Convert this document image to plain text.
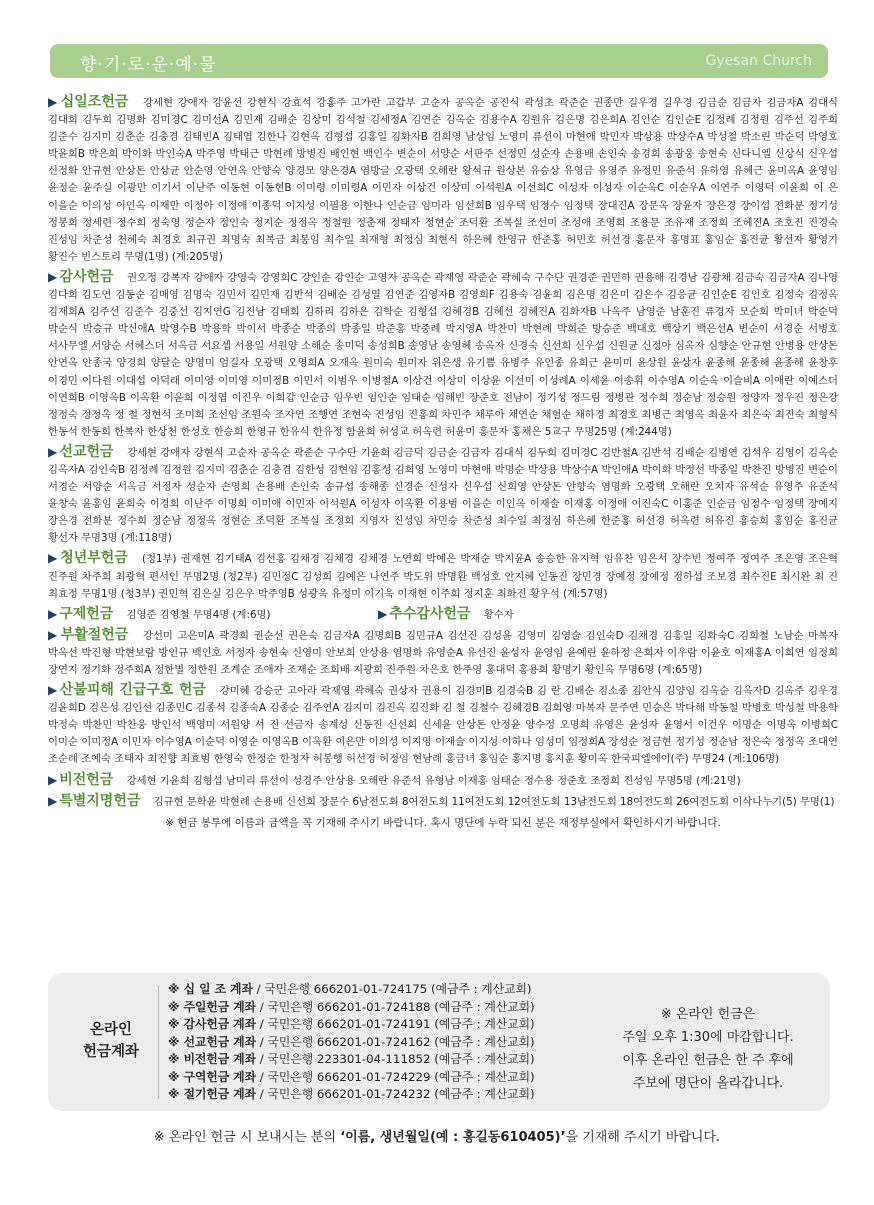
향·기·로·운·예·물	Gyesan Church
▶ 십일조헌금 강세현 강애자 강윤선 강현식 강효석 강홍주 고가란 고갑부 고순자 공옥순 공진식 곽성초 곽준순 권종만 길우경 길우경 김금순 김금자 김금자A 김대식 김대희 김두희 김명화 김미경C 김미선A 김민재 김배순 김상미 김석철 김세정A 김연순 김옥순 김용수A 김원유 김은명 김은희A 김인순 김인순E 김정례 김정원 김주선 김주희 김준수 김지미 김춘순 김충겸 김태빈A 김태엽 김한나 김현옥 김형섭 김홍일 김화자B 김희영 남상임 노영미 류선이 마현애 박민자 박상용 박상수A 박성철 박소린 박순덕 박영호 박윤희B 박은희 박이화 박인숙A 박주영 박태근 박현례 방병진 배인현 백인수 변순이 서양순 서판주 선정민 성순자 손용배 손인숙 송경희 송광웅 송현숙 신다니엘 신상식 신우섭 신정화 안규현 안상돈 안상균 안순영 안연옥 안향숙 양경모 양은경A 염방글 오광택 오해란 왕석규 원상본 유승상 유영금 유영주 유정민 유준석 유하영 유혜근 윤미옥A 윤영임 윤정순 윤주실 이광만 이기서 이난주 이동현 이동현B 이미령 이미령A 이민자 이상건 이상미 이석원A 이선희C 이성자 이성자 이순옥C 이순우A 이연주 이영덕 이윤희 이 은 이을순 이의성 이인옥 이재만 이정아 이정애 이종덕 이지성 이필용 이한나 인순금 임미라 임선희B 임우택 임정수 임정택 장대진A 장문옥 장윤자 장은경 장이섭 전화분 정기성 정봉희 정세련 정수희 정숙영 정순자 정인숙 정지순 정정옥 정철원 정춘재 정태자 정현순 조덕환 조복실 조선미 조성애 조영희 조용문 조유재 조정희 조혜진A 조호진 진경숙 진성임 차준성 천혜숙 최경호 최규권 최명숙 최복금 최봉임 최수일 최재형 최정심 최현식 하은혜 한영규 한준홍 허민호 허선경 홍문자 홍명표 홍임순 홍진균 황선자 황영기 황진수 빈스토리 무명(1명) (계:205명)
▶ 감사헌금 권오정 강복자 강애자 강영숙 강영희C 강인순 강인순 고영자 공옥순 곽재영 곽준순 곽혜숙 구수단 권경준 권민하 권용해 김경남 김광채 김금숙 김금자A 김나영 김다희 김도연 김동순 김매영 김명숙 김민서 김민재 김반석 김배순 김성열 김연준 김영자B 김영희F 김용숙 김윤희 김은명 김은미 김은수 김응균 김인순E 김인호 김정숙 김정옥 김재희A 김주선 김준수 김중선 김지연G 김진남 김태희 김하리 김하은 김학순 김형섭 김혜경B 김혜선 김혜진A 김화자B 나옥주 남영준 남훈진 류경자 모순희 박미녀 박순덕 박순식 박승규 박신애A 박영수B 박용학 박이서 박종순 박종의 박종일 박준홍 박중례 박지영A 박찬미 박현례 박희준 방승준 백대호 백상기 백은선A 변순이 서경순 서병호 서사무엘 서양순 서혜스더 서옥금 서요셉 서용일 서원양 소해순 송미덕 송성희B 송영남 송영혜 송옥자 신경숙 신선희 신우섭 신원균 신정아 심옥자 심향순 안규현 안병용 안상돈 안연옥 안종국 양경희 양달순 양영미 엄길자 오광택 오영희A 오재옥 원미숙 원미자 위은생 유기쁨 유병주 유인종 유희근 윤미미 윤상원 윤상자 윤종해 윤종해 윤종해 윤창후 이경민 이다원 이대섭 이덕래 이미영 이미영 이미정B 이민서 이범우 이병철A 이상건 이상미 이상윤 이선미 이성례A 이세윤 이송휘 이수영A 이순옥 이슬비A 이애란 이예스더 이연희B 이영옥B 이옥환 이윤희 이정엽 이진우 이희갑 인순금 임우빈 임인순 임태순 임해빈 장준호 전남이 정기성 정드림 정병관 정수희 정순남 정승원 정양자 정우진 정은강 정정숙 정정옥 정 철 정현석 조미희 조선임 조원숙 조자연 조행연 조현숙 진성임 진홍희 차민주 채루아 채연순 채혈순 채하경 최경호 최병근 최영옥 최윤자 최은숙 최진숙 최형식 한동석 한동희 한복자 한상천 한성호 한승희 한영규 한유식 한유정 함윤희 허성교 허옥련 허윤미 홍문자 홍채은 5교구 무명25명 (계:244명)
▶ 선교헌금 강세현 강애자 강현식 고순자 공옥순 곽준순 구수단 기윤희 김금덕 김금순 김금자 김대식 김두희 김미경C 김반철A 김반석 김배순 김병연 김석우 김영이 김옥순 김옥자A 김인숙B 김정례 김정원 김지미 김춘순 김충겸 김한성 김현임 김홍성 김희영 노영미 마현애 박명순 박상용 박상수A 박인애A 박이화 박정선 박종일 박찬진 방병진 변순이 서경순 서양순 서옥금 서정자 성순자 손영희 손용배 손인숙 송규섭 송해종 신경순 신성자 신우섭 신희영 안상돈 안향숙 염명화 오광택 오해란 오치자 유석순 유영주 유준석 윤창숙 윤홍임 윤희숙 이경희 이난주 이명희 이미애 이민자 이석원A 이성자 이옥환 이용범 이을순 이인옥 이재술 이재홍 이정애 이진숙C 이홍준 인순금 임정수 임정택 장예지 장은경 전화분 정수희 정순남 정정옥 정현순 조덕환 조복실 조정희 지영자 진성임 차민승 차준성 최수일 최정심 하은혜 한준홍 허선경 허옥련 허유진 홍승희 홍임순 홍진균 황선자 무명3명 (계:118명)
▶ 청년부헌금 (청1부) 권재현 김기태A 김선홍 김채경 김채경 김채경 노연희 박예은 박재순 박지윤A 송승한 유지혁 임유찬 임은서 장수빈 정여주 정여주 조은영 조은혁 진주원 차주희 최광혁 편서인 무명2명 (청2부) 김민정C 김성희 김예은 나연주 박도위 박명환 백성호 안지혜 인동진 장민경 장예정 장예정 정하섭 조보경 최수진E 최시완 최 진 최효정 무명1명 (청3부) 권민혁 김은실 김은우 박주영B 성광욱 유정미 이기욱 이재현 이주희 정지훈 최화진 황우석 (계:57명)
▶ 구제헌금 김영준 김영철 무명4명 (계:6명)	▶ 추수감사헌금 황수자
▶ 부활절헌금 강선미 고은미A 곽경희 권순선 권은숙 김금자A 김명희B 김민규A 김선진 김성윤 김영미 김영술 김인숙D 김채경 김홍일 김화숙C 김희철 노남순 마복자 박옥선 박진형 박현보람 방인규 백인호 서정자 송현숙 신영미 안보희 안상용 염명화 유영순A 유선진 윤성자 윤영임 윤예린 윤하정 은희자 이우람 이윤호 이재홍A 이희연 임정희 장연지 정기화 정주희A 정한별 정한원 조계순 조애자 조재순 조희배 지광희 진주원 차은호 한주영 홍대덕 홍용희 황명기 황인옥 무명6명 (계:65명)
▶ 산불피해 긴급구호 헌금 강미혜 강승군 고아라 곽재영 곽혜숙 권상자 권용이 김경미B 김경숙B 김 란 김배순 김소종 김안식 김양임 김옥순 김옥자D 김옥주 김우경 김윤희D 김은성 김인선 김종민C 김종석 김종숙A 김종순 김주연A 김지미 김진옥 김진화 김 철 김철수 김혜경B 김희영 마복자 문주연 민승은 박다해 박동철 박병호 박성철 박용학 박정숙 박찬민 박찬웅 방인석 백영미 서원양 서 진 선금자 송계성 신동진 신선희 신세윤 안상돈 안정윤 양수정 오명희 유영은 윤성자 윤영서 이건우 이명순 이명옥 이병희C 이미순 이미정A 이민자 이수영A 이순덕 이영순 이영옥B 이옥환 이은만 이의성 이지영 이재술 이지성 이하나 임성미 임정희A 장성순 정금현 정기성 정순남 정은숙 정정옥 조대연 조순례 조예숙 조태자 최진향 최효범 한영숙 한정순 한청자 허봉행 허선경 허정임 현남례 홍금녀 홍임순 홍지명 홍지훈 황미옥 한국피엘에이(주) 무명24 (계:106명)
▶ 비전헌금 강세현 기윤희 김형섭 남미리 류선이 성경주 안상용 오해란 유준석 유형남 이재홍 임태순 정수용 정준호 조정희 진성임 무명5명 (계:21명)
▶ 특별지명헌금 김규현 문학윤 박현례 손용배 신선희 장문수 6남전도회 8여전도회 11여전도회 12여전도회 13남전도회 18여전도회 26여전도회 이삭나누기(5) 무명(1)
※ 현금 봉투에 이름과 금액을 꼭 기재해 주시기 바랍니다. 혹시 명단에 누락 되신 분은 재정부실에서 확인하시기 바랍니다.
온라인
헌금계좌
※ 십 일 조 계좌 / 국민은행 666201-01-724175 (예금주 : 계산교회)
※ 주일헌금 계좌 / 국민은행 666201-01-724188 (예금주 : 계산교회)
※ 감사헌금 계좌 / 국민은행 666201-01-724191 (예금주 : 계산교회)
※ 선교헌금 계좌 / 국민은행 666201-01-724162 (예금주 : 계산교회)
※ 비전헌금 계좌 / 국민은행 223301-04-111852 (예금주 : 계산교회)
※ 구역헌금 계좌 / 국민은행 666201-01-724229 (예금주 : 계산교회)
※ 절기헌금 계좌 / 국민은행 666201-01-724232 (예금주 : 계산교회)
※ 온라인 헌금은
주일 오후 1:30에 마감합니다.
이후 온라인 헌금은 한 주 후에
주보에 명단이 올라갑니다.
※ 온라인 헌금 시 보내시는 분의 ‘이름, 생년월일(예 : 홍길동610405)’을 기재해 주시기 바랍니다.
